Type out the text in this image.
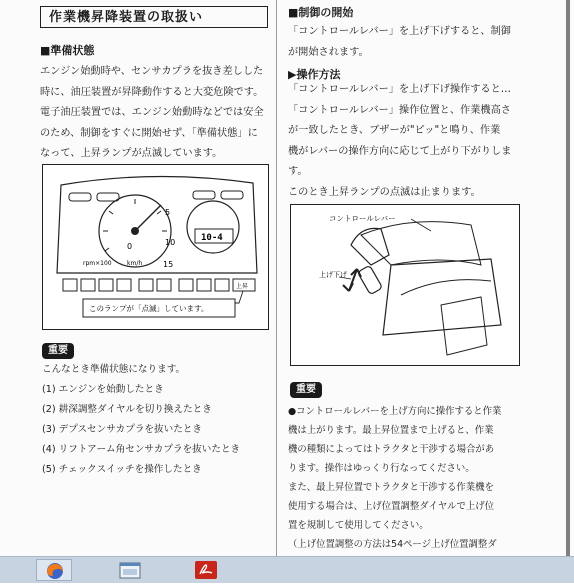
作業機昇降装置の取扱い
■準備状態
エンジン始動時や、センサカプラを抜き差しした
時に、油圧装置が昇降動作すると大変危険です。
電子油圧装置では、エンジン始動時などでは安全
のため、制御をすぐに開始せず、「準備状態」に
なって、上昇ランプが点滅しています。
0
5
10
15
rpm×100	km/h
10-4
上昇
このランプが「点滅」しています。
重要
こんなとき準備状態になります。
(1) エンジンを始動したとき
(2) 耕深調整ダイヤルを切り換えたとき
(3) デプスセンサカプラを抜いたとき
(4) リフトアーム角センサカプラを抜いたとき
(5) チェックスイッチを操作したとき
■制御の開始
「コントロールレバー」を上げ下げすると、制御
が開始されます。
▶操作方法
「コントロールレバー」を上げ下げ操作すると…
「コントロールレバー」操作位置と、作業機高さ
が一致したとき、ブザーが"ピッ"と鳴り、作業
機がレバーの操作方向に応じて上がり下がりしま
す。
このとき上昇ランプの点滅は止まります。
コントロールレバー
上げ下げ
重要
●コントロールレバーを上げ方向に操作すると作業
機は上がります。最上昇位置まで上げると、作業
機の種類によってはトラクタと干渉する場合があ
ります。操作はゆっくり行なってください。
また、最上昇位置でトラクタと干渉する作業機を
使用する場合は、上げ位置調整ダイヤルで上げ位
置を規制して使用してください。
（上げ位置調整の方法は54ページ上げ位置調整ダ
